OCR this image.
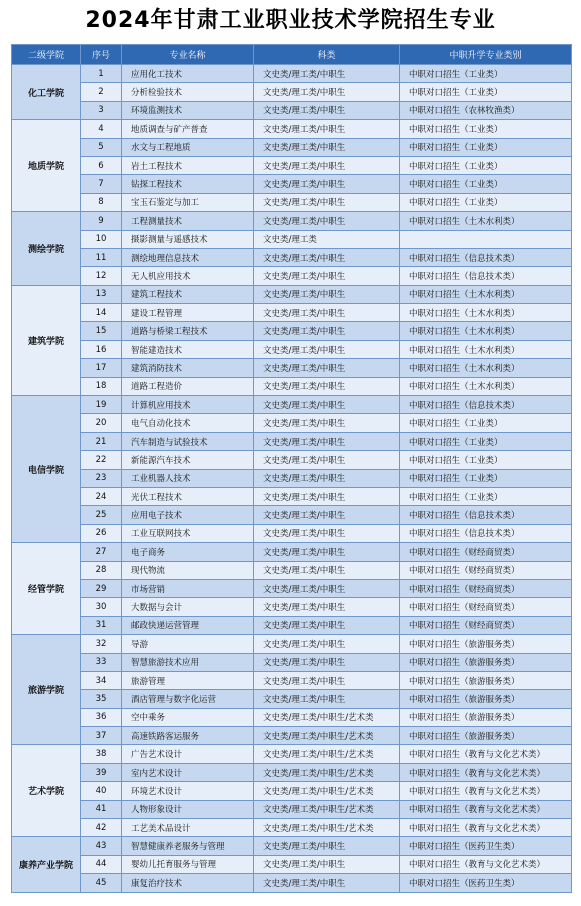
2024年甘肃工业职业技术学院招生专业
二级学院	序号	专业名称	科类	中职升学专业类别
化工学院	1	应用化工技术	文史类/理工类/中职生	中职对口招生（工业类）
	2	分析检验技术	文史类/理工类/中职生	中职对口招生（工业类）
	3	环境监测技术	文史类/理工类/中职生	中职对口招生（农林牧渔类）
地质学院	4	地质调查与矿产普查	文史类/理工类/中职生	中职对口招生（工业类）
	5	水文与工程地质	文史类/理工类/中职生	中职对口招生（工业类）
	6	岩土工程技术	文史类/理工类/中职生	中职对口招生（工业类）
	7	钻探工程技术	文史类/理工类/中职生	中职对口招生（工业类）
	8	宝玉石鉴定与加工	文史类/理工类/中职生	中职对口招生（工业类）
测绘学院	9	工程测量技术	文史类/理工类/中职生	中职对口招生（土木水利类）
	10	摄影测量与遥感技术	文史类/理工类	
	11	测绘地理信息技术	文史类/理工类/中职生	中职对口招生（信息技术类）
	12	无人机应用技术	文史类/理工类/中职生	中职对口招生（信息技术类）
建筑学院	13	建筑工程技术	文史类/理工类/中职生	中职对口招生（土木水利类）
	14	建设工程管理	文史类/理工类/中职生	中职对口招生（土木水利类）
	15	道路与桥梁工程技术	文史类/理工类/中职生	中职对口招生（土木水利类）
	16	智能建造技术	文史类/理工类/中职生	中职对口招生（土木水利类）
	17	建筑消防技术	文史类/理工类/中职生	中职对口招生（土木水利类）
	18	道路工程造价	文史类/理工类/中职生	中职对口招生（土木水利类）
电信学院	19	计算机应用技术	文史类/理工类/中职生	中职对口招生（信息技术类）
	20	电气自动化技术	文史类/理工类/中职生	中职对口招生（工业类）
	21	汽车制造与试验技术	文史类/理工类/中职生	中职对口招生（工业类）
	22	新能源汽车技术	文史类/理工类/中职生	中职对口招生（工业类）
	23	工业机器人技术	文史类/理工类/中职生	中职对口招生（工业类）
	24	光伏工程技术	文史类/理工类/中职生	中职对口招生（工业类）
	25	应用电子技术	文史类/理工类/中职生	中职对口招生（信息技术类）
	26	工业互联网技术	文史类/理工类/中职生	中职对口招生（信息技术类）
经管学院	27	电子商务	文史类/理工类/中职生	中职对口招生（财经商贸类）
	28	现代物流	文史类/理工类/中职生	中职对口招生（财经商贸类）
	29	市场营销	文史类/理工类/中职生	中职对口招生（财经商贸类）
	30	大数据与会计	文史类/理工类/中职生	中职对口招生（财经商贸类）
	31	邮政快递运营管理	文史类/理工类/中职生	中职对口招生（财经商贸类）
旅游学院	32	导游	文史类/理工类/中职生	中职对口招生（旅游服务类）
	33	智慧旅游技术应用	文史类/理工类/中职生	中职对口招生（旅游服务类）
	34	旅游管理	文史类/理工类/中职生	中职对口招生（旅游服务类）
	35	酒店管理与数字化运营	文史类/理工类/中职生	中职对口招生（旅游服务类）
	36	空中乘务	文史类/理工类/中职生/艺术类	中职对口招生（旅游服务类）
	37	高速铁路客运服务	文史类/理工类/中职生/艺术类	中职对口招生（旅游服务类）
艺术学院	38	广告艺术设计	文史类/理工类/中职生/艺术类	中职对口招生（教育与文化艺术类）
	39	室内艺术设计	文史类/理工类/中职生/艺术类	中职对口招生（教育与文化艺术类）
	40	环境艺术设计	文史类/理工类/中职生/艺术类	中职对口招生（教育与文化艺术类）
	41	人物形象设计	文史类/理工类/中职生/艺术类	中职对口招生（教育与文化艺术类）
	42	工艺美术品设计	文史类/理工类/中职生/艺术类	中职对口招生（教育与文化艺术类）
康养产业学院	43	智慧健康养老服务与管理	文史类/理工类/中职生	中职对口招生（医药卫生类）
	44	婴幼儿托育服务与管理	文史类/理工类/中职生	中职对口招生（教育与文化艺术类）
	45	康复治疗技术	文史类/理工类/中职生	中职对口招生（医药卫生类）
